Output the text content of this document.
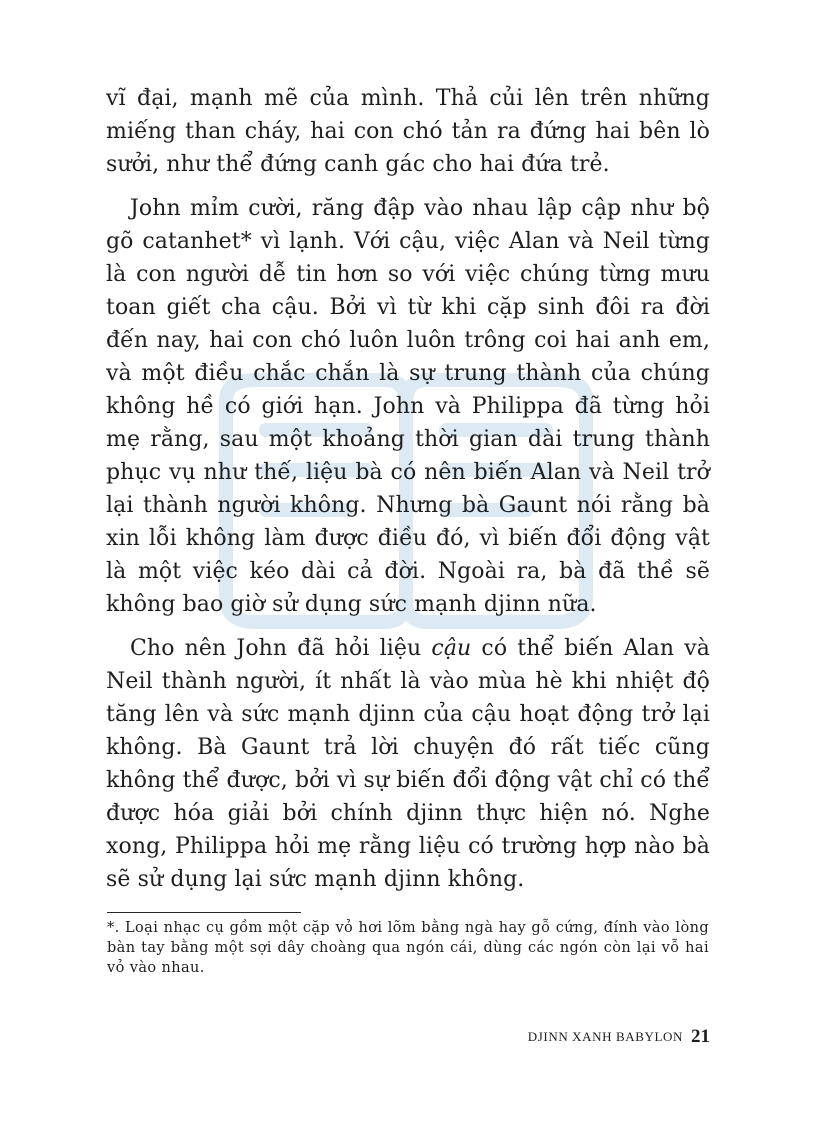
vĩ đại, mạnh mẽ của mình. Thả củi lên trên những miếng than cháy, hai con chó tản ra đứng hai bên lò sưởi, như thể đứng canh gác cho hai đứa trẻ.

John mỉm cười, răng đập vào nhau lập cập như bộ gõ catanhet* vì lạnh. Với cậu, việc Alan và Neil từng là con người dễ tin hơn so với việc chúng từng mưu toan giết cha cậu. Bởi vì từ khi cặp sinh đôi ra đời đến nay, hai con chó luôn luôn trông coi hai anh em, và một điều chắc chắn là sự trung thành của chúng không hề có giới hạn. John và Philippa đã từng hỏi mẹ rằng, sau một khoảng thời gian dài trung thành phục vụ như thế, liệu bà có nên biến Alan và Neil trở lại thành người không. Nhưng bà Gaunt nói rằng bà xin lỗi không làm được điều đó, vì biến đổi động vật là một việc kéo dài cả đời. Ngoài ra, bà đã thề sẽ không bao giờ sử dụng sức mạnh djinn nữa.

Cho nên John đã hỏi liệu cậu có thể biến Alan và Neil thành người, ít nhất là vào mùa hè khi nhiệt độ tăng lên và sức mạnh djinn của cậu hoạt động trở lại không. Bà Gaunt trả lời chuyện đó rất tiếc cũng không thể được, bởi vì sự biến đổi động vật chỉ có thể được hóa giải bởi chính djinn thực hiện nó. Nghe xong, Philippa hỏi mẹ rằng liệu có trường hợp nào bà sẽ sử dụng lại sức mạnh djinn không.

*. Loại nhạc cụ gồm một cặp vỏ hơi lõm bằng ngà hay gỗ cứng, đính vào lòng bàn tay bằng một sợi dây choàng qua ngón cái, dùng các ngón còn lại vỗ hai vỏ vào nhau.
DJINN XANH BABYLON 21
